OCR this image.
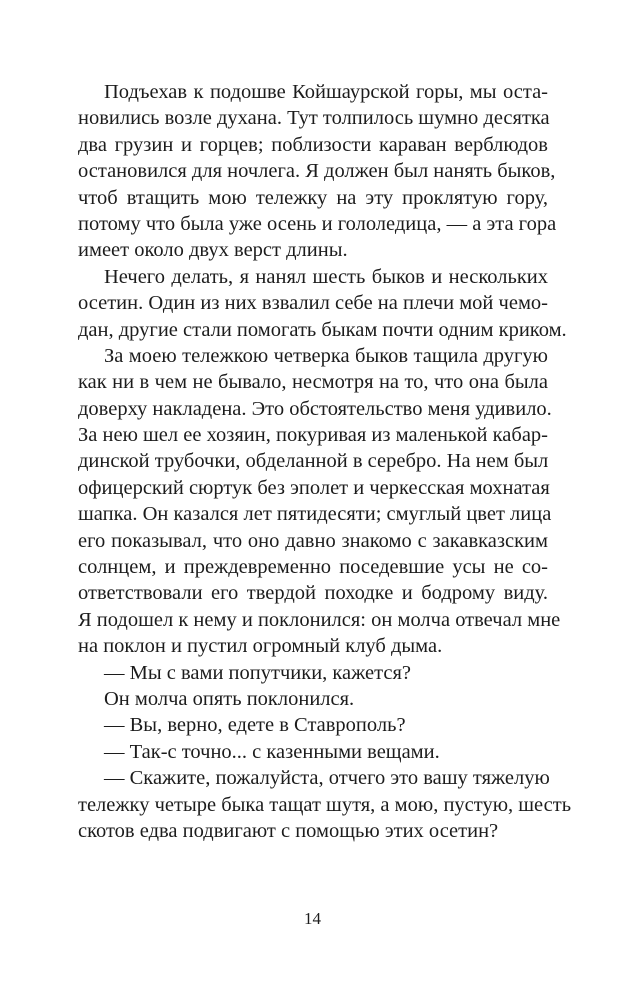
Подъехав к подошве Койшаурской горы, мы оста-
новились возле духана. Тут толпилось шумно десятка
два грузин и горцев; поблизости караван верблюдов
остановился для ночлега. Я должен был нанять быков,
чтоб втащить мою тележку на эту проклятую гору,
потому что была уже осень и гололедица, — а эта гора
имеет около двух верст длины.
Нечего делать, я нанял шесть быков и нескольких
осетин. Один из них взвалил себе на плечи мой чемо-
дан, другие стали помогать быкам почти одним криком.
За моею тележкою четверка быков тащила другую
как ни в чем не бывало, несмотря на то, что она была
доверху накладена. Это обстоятельство меня удивило.
За нею шел ее хозяин, покуривая из маленькой кабар-
динской трубочки, обделанной в серебро. На нем был
офицерский сюртук без эполет и черкесская мохнатая
шапка. Он казался лет пятидесяти; смуглый цвет лица
его показывал, что оно давно знакомо с закавказским
солнцем, и преждевременно поседевшие усы не со-
ответствовали его твердой походке и бодрому виду.
Я подошел к нему и поклонился: он молча отвечал мне
на поклон и пустил огромный клуб дыма.
— Мы с вами попутчики, кажется?
Он молча опять поклонился.
— Вы, верно, едете в Ставрополь?
— Так-с точно... с казенными вещами.
— Скажите, пожалуйста, отчего это вашу тяжелую
тележку четыре быка тащат шутя, а мою, пустую, шесть
скотов едва подвигают с помощью этих осетин?
14
